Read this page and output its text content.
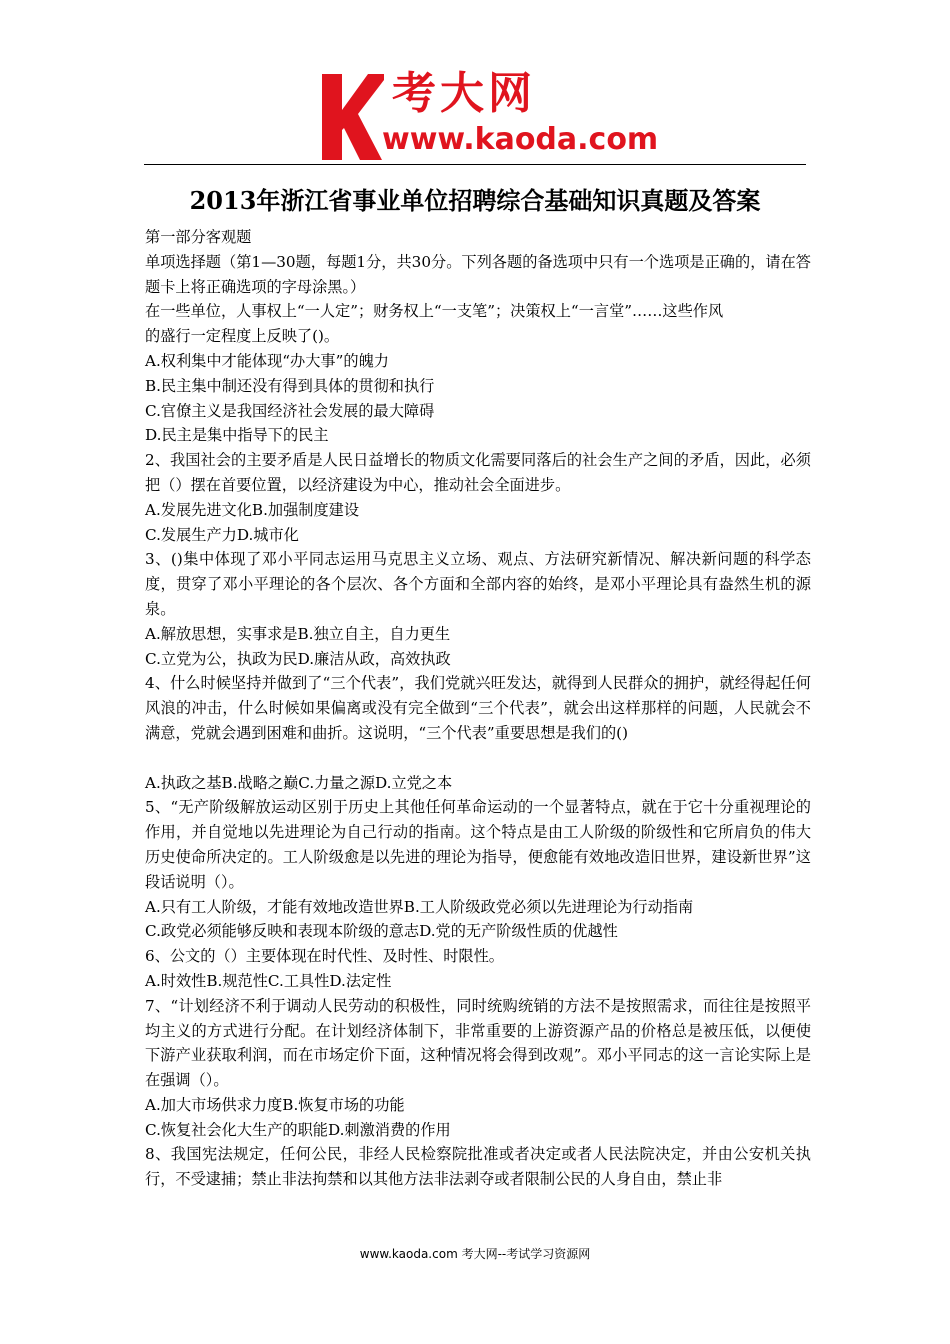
考大网
www.kaoda.com
2013年浙江省事业单位招聘综合基础知识真题及答案

第一部分客观题

单项选择题（第1—30题，每题1分，共30分。下列各题的备选项中只有一个选项是正确的，请在答题卡上将正确选项的字母涂黑。）

在一些单位，人事权上“一人定”；财务权上“一支笔”；决策权上“一言堂”……这些作风

的盛行一定程度上反映了()。

A.权利集中才能体现“办大事”的魄力

B.民主集中制还没有得到具体的贯彻和执行

C.官僚主义是我国经济社会发展的最大障碍

D.民主是集中指导下的民主

2、我国社会的主要矛盾是人民日益增长的物质文化需要同落后的社会生产之间的矛盾，因此，必须把（）摆在首要位置，以经济建设为中心，推动社会全面进步。

A.发展先进文化B.加强制度建设

C.发展生产力D.城市化

3、()集中体现了邓小平同志运用马克思主义立场、观点、方法研究新情况、解决新问题的科学态度，贯穿了邓小平理论的各个层次、各个方面和全部内容的始终，是邓小平理论具有盎然生机的源泉。

A.解放思想，实事求是B.独立自主，自力更生

C.立党为公，执政为民D.廉洁从政，高效执政

4、什么时候坚持并做到了“三个代表”，我们党就兴旺发达，就得到人民群众的拥护，就经得起任何风浪的冲击，什么时候如果偏离或没有完全做到“三个代表”，就会出这样那样的问题，人民就会不满意，党就会遇到困难和曲折。这说明，“三个代表”重要思想是我们的()

A.执政之基B.战略之巅C.力量之源D.立党之本

5、“无产阶级解放运动区别于历史上其他任何革命运动的一个显著特点，就在于它十分重视理论的作用，并自觉地以先进理论为自己行动的指南。这个特点是由工人阶级的阶级性和它所肩负的伟大历史使命所决定的。工人阶级愈是以先进的理论为指导，便愈能有效地改造旧世界，建设新世界”这段话说明（）。

A.只有工人阶级，才能有效地改造世界B.工人阶级政党必须以先进理论为行动指南

C.政党必须能够反映和表现本阶级的意志D.党的无产阶级性质的优越性

6、公文的（）主要体现在时代性、及时性、时限性。

A.时效性B.规范性C.工具性D.法定性

7、“计划经济不利于调动人民劳动的积极性，同时统购统销的方法不是按照需求，而往往是按照平均主义的方式进行分配。在计划经济体制下，非常重要的上游资源产品的价格总是被压低，以便使下游产业获取利润，而在市场定价下面，这种情况将会得到改观”。邓小平同志的这一言论实际上是在强调（）。

A.加大市场供求力度B.恢复市场的功能

C.恢复社会化大生产的职能D.刺激消费的作用

8、我国宪法规定，任何公民，非经人民检察院批准或者决定或者人民法院决定，并由公安机关执行，不受逮捕；禁止非法拘禁和以其他方法非法剥夺或者限制公民的人身自由，禁止非

www.kaoda.com 考大网--考试学习资源网
